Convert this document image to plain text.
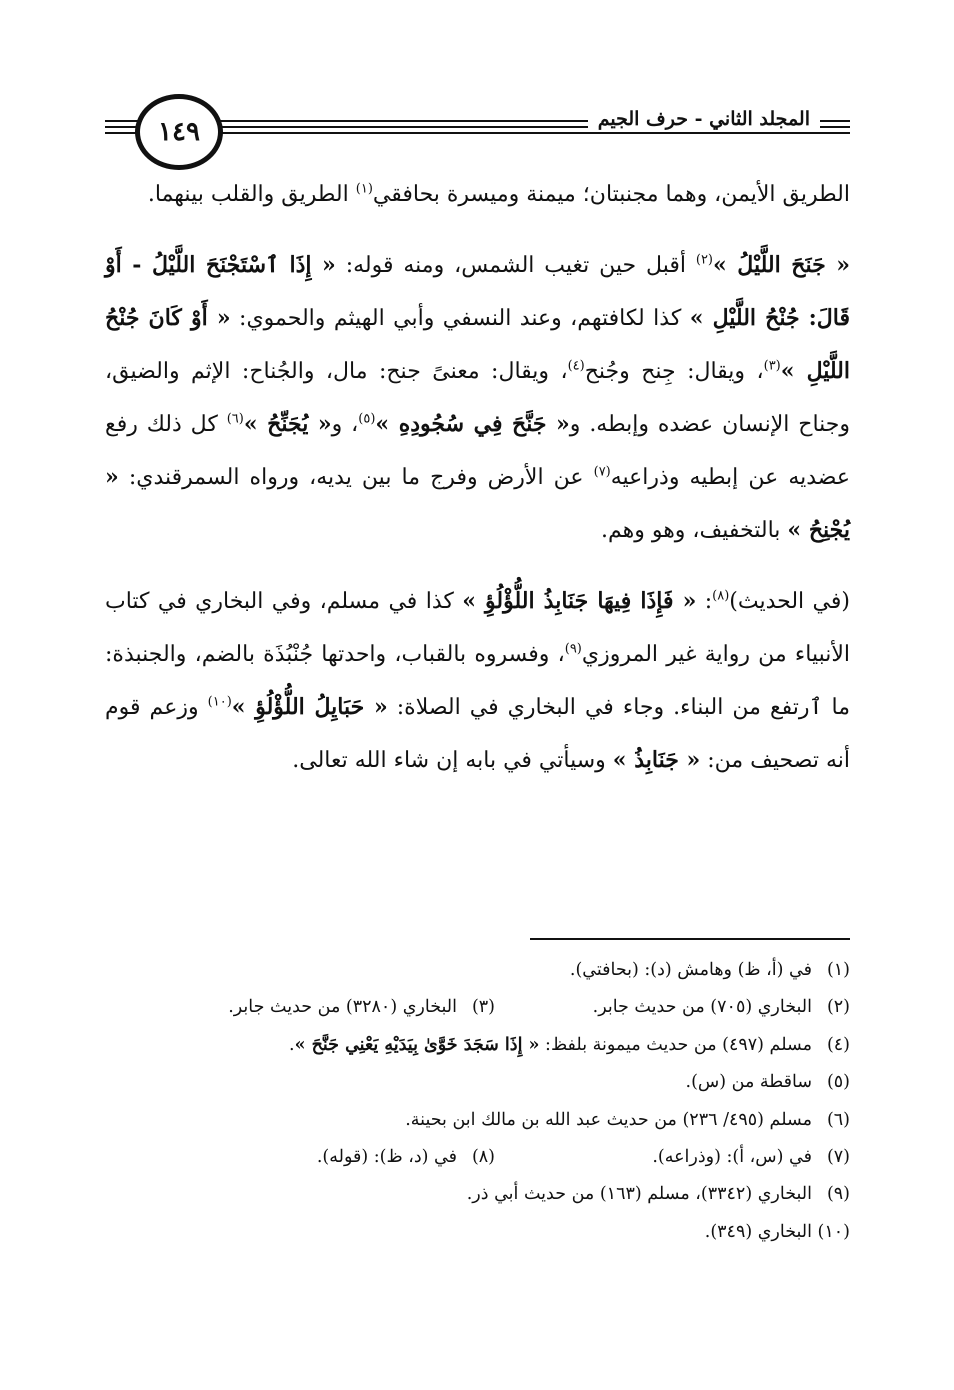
١٤٩	المجلد الثاني - حرف الجيم

الطريق الأيمن، وهما مجنبتان؛ ميمنة وميسرة بحافقي$^{(١)}$ الطريق والقلب بينهما.

« جَنَحَ اللَّيْلُ »$^{(٢)}$ أقبل حين تغيب الشمس، ومنه قوله: « إِذَا ٱسْتَجْنَحَ اللَّيْلُ - أَوْ قَالَ: جُنْحُ اللَّيْلِ » كذا لكافتهم، وعند النسفي وأبي الهيثم والحموي: « أَوْ كَانَ جُنْحُ اللَّيْلِ »$^{(٣)}$، ويقال: جِنح وجُنح$^{(٤)}$، ويقال: معنىً جنح: مال، والجُناح: الإثم والضيق، وجناح الإنسان عضده وإبطه. و« جَنَّحَ فِي سُجُودِهِ »$^{(٥)}$، و« يُجَنِّحُ »$^{(٦)}$ كل ذلك رفع عضديه عن إبطيه وذراعيه$^{(٧)}$ عن الأرض وفرج ما بين يديه، ورواه السمرقندي: « يُجْنِحُ » بالتخفيف، وهو وهم.

(في الحديث)$^{(٨)}$: « فَإِذَا فِيهَا جَنَابِذُ اللُّؤْلُؤِ » كذا في مسلم، وفي البخاري في كتاب الأنبياء من رواية غير المروزي$^{(٩)}$، وفسروه بالقباب، واحدتها جُنْبُذَة بالضم، والجنبذة: ما ٱرتفع من البناء. وجاء في البخاري في الصلاة: « حَبَايِلُ اللُّؤْلُؤِ »$^{(١٠)}$ وزعم قوم أنه تصحيف من: « جَنَابِذُ » وسيأتي في بابه إن شاء الله تعالى.

(١)في (أ، ظ) وهامش (د): (بحافتي).
(٢)البخاري (٧٠٥) من حديث جابر.
(٣)البخاري (٣٢٨٠) من حديث جابر.
(٤)مسلم (٤٩٧) من حديث ميمونة بلفظ: « إِذَا سَجَدَ خَوَّىٰ بِيَدَيْهِ يَعْنِي جَنَّحَ ».
(٥)ساقطة من (س).
(٦)مسلم (٤٩٥/ ٢٣٦) من حديث عبد الله بن مالك ابن بحينة.
(٧)في (س، أ): (وذراعه).
(٨)في (د، ظ): (قوله).
(٩)البخاري (٣٣٤٢)، مسلم (١٦٣) من حديث أبي ذر.
(١٠)البخاري (٣٤٩).
